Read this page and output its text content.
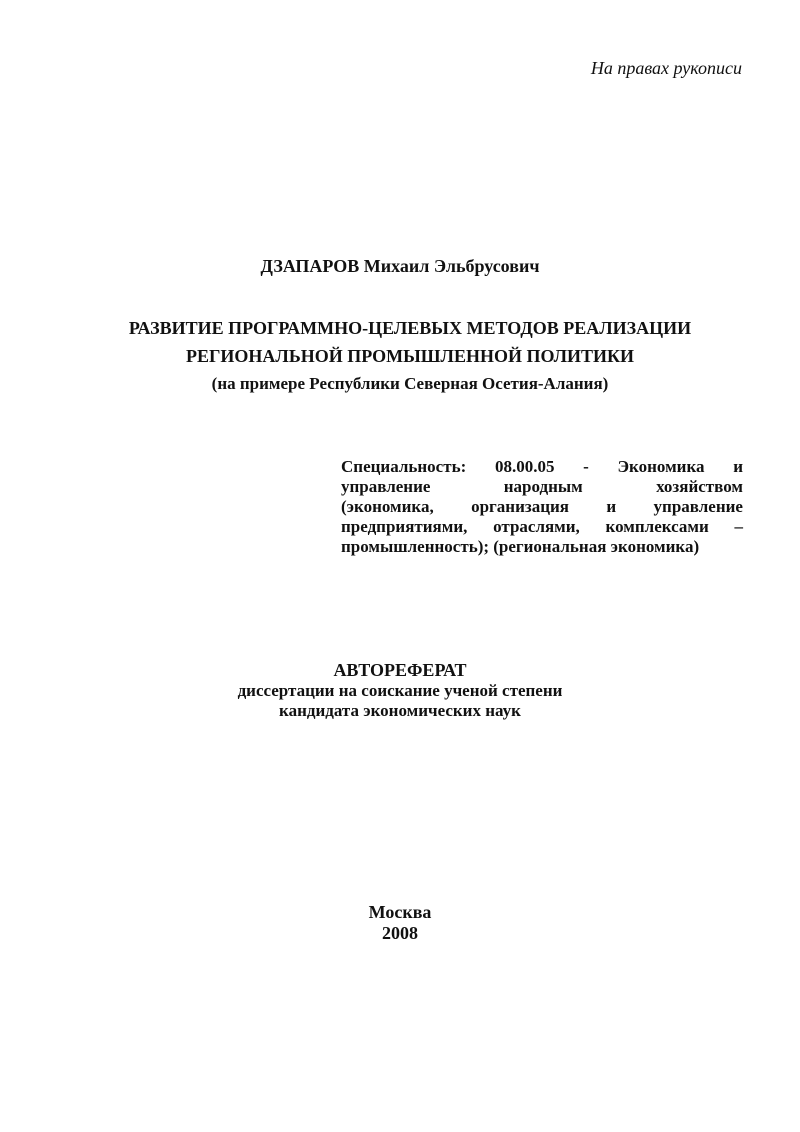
На правах рукописи

ДЗАПАРОВ Михаил Эльбрусович

РАЗВИТИЕ ПРОГРАММНО-ЦЕЛЕВЫХ МЕТОДОВ РЕАЛИЗАЦИИ
РЕГИОНАЛЬНОЙ ПРОМЫШЛЕННОЙ ПОЛИТИКИ
(на примере Республики Северная Осетия-Алания)
Специальность: 08.00.05 - Экономика и
управление	народным	хозяйством
(экономика, организация и управление
предприятиями, отраслями, комплексами –
промышленность); (региональная экономика)
АВТОРЕФЕРАТ
диссертации на соискание ученой степени
кандидата экономических наук
Москва
2008
